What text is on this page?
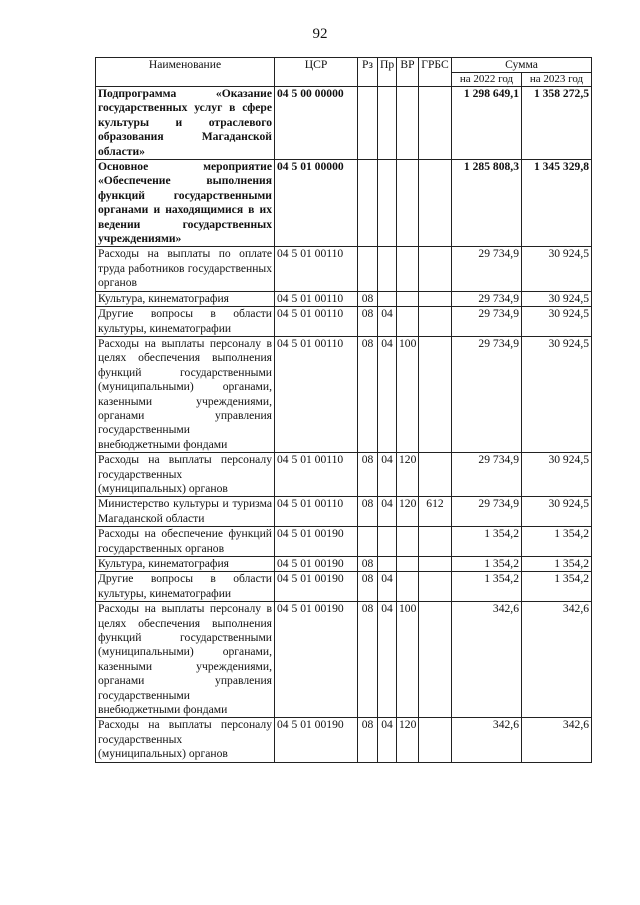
92
Наименование	ЦСР	Рз	Пр	ВР	ГРБС	Сумма	
						на 2022 год	на 2023 год
Подпрограмма «Оказание государственных услуг в сфере культуры и отраслевого образования Магаданской области»	04 5 00 00000					1 298 649,1	1 358 272,5
Основное мероприятие «Обеспечение выполнения функций государственными органами и находящимися в их ведении государственных учреждениями»	04 5 01 00000					1 285 808,3	1 345 329,8
Расходы на выплаты по оплате труда работников государственных органов	04 5 01 00110					29 734,9	30 924,5
Культура, кинематография	04 5 01 00110	08				29 734,9	30 924,5
Другие вопросы в области культуры, кинематографии	04 5 01 00110	08	04			29 734,9	30 924,5
Расходы на выплаты персоналу в целях обеспечения выполнения функций государственными (муниципальными) органами, казенными учреждениями, органами управления государственными внебюджетными фондами	04 5 01 00110	08	04	100		29 734,9	30 924,5
Расходы на выплаты персоналу государственных (муниципальных) органов	04 5 01 00110	08	04	120		29 734,9	30 924,5
Министерство культуры и туризма Магаданской области	04 5 01 00110	08	04	120	612	29 734,9	30 924,5
Расходы на обеспечение функций государственных органов	04 5 01 00190					1 354,2	1 354,2
Культура, кинематография	04 5 01 00190	08				1 354,2	1 354,2
Другие вопросы в области культуры, кинематографии	04 5 01 00190	08	04			1 354,2	1 354,2
Расходы на выплаты персоналу в целях обеспечения выполнения функций государственными (муниципальными) органами, казенными учреждениями, органами управления государственными внебюджетными фондами	04 5 01 00190	08	04	100		342,6	342,6
Расходы на выплаты персоналу государственных (муниципальных) органов	04 5 01 00190	08	04	120		342,6	342,6
